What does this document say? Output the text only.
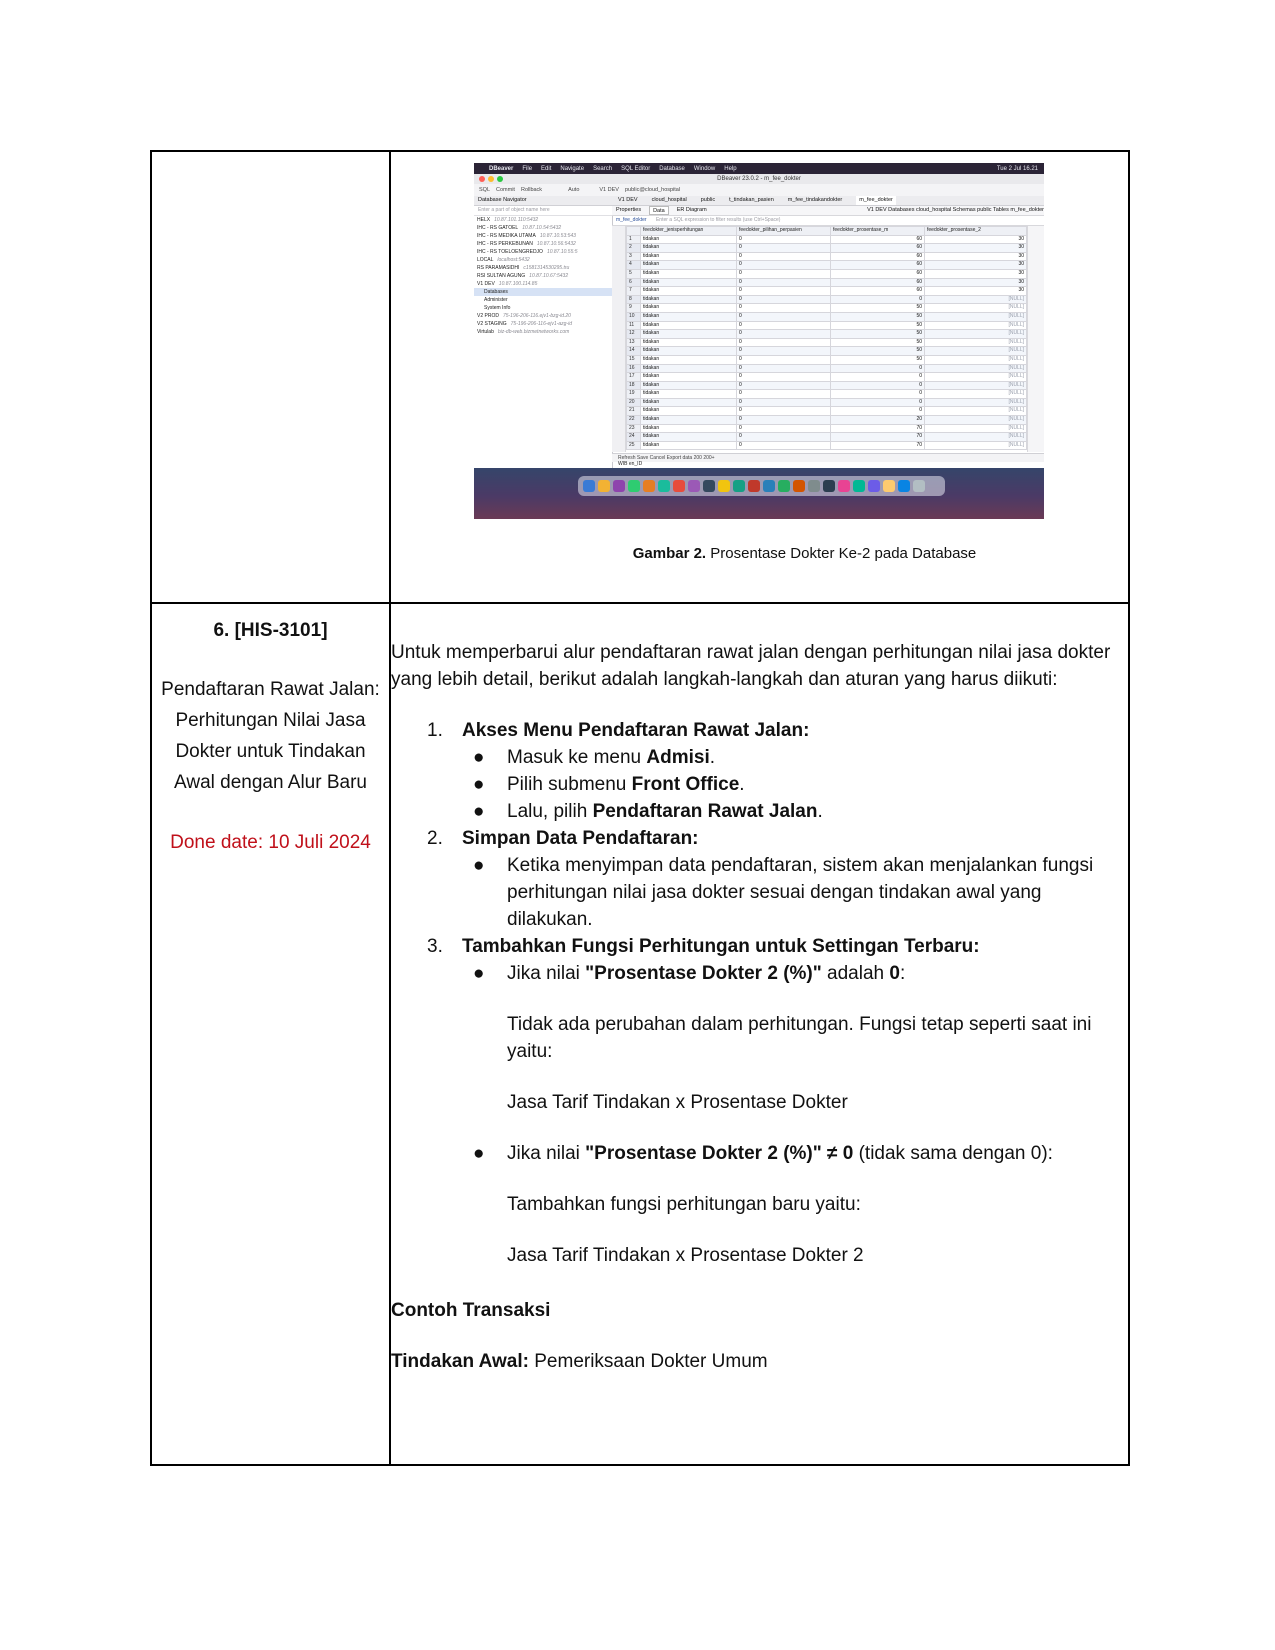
DBeaver File Edit Navigate Search SQL Editor Database Window Help	Tue 2 Jul 16.21
DBeaver 23.0.2 - m_fee_dokter
SQL Commit Rollback	Auto	V1 DEV public@cloud_hospital
Database Navigator
Enter a part of object name here
HELX 10.87.101.110:5432
IHC - RS GATOEL 10.87.10.54:5432
IHC - RS MEDIKA UTAMA 10.87.10.53:543
IHC - RS PERKEBUNAN 10.87.10.56:5432
IHC - RS TOELOENGREDJO 10.87.10.55:5
LOCAL localhost:5432
RS PARAMASIDHI c1581314530295.tru
RSI SULTAN AGUNG 10.87.10.67:5432
V1 DEV 10.87.100.114.85
Databases
Administer
System Info
V2 PROD 75-196-206-116.ejv1-bzg-id.20
V2 STAGING 75-196-206-116-ejv1-azg-id
Virtulab biz-db-web.bizmetnetworks.com
V1 DEV	cloud_hospital	public	t_tindakan_pasien	m_fee_tindakandokter	m_fee_dokter
Properties	Data	ER Diagram	V1 DEV Databases cloud_hospital Schemas public Tables m_fee_dokter
m_fee_dokter Enter a SQL expression to filter results (use Ctrl+Space)
	feedokter_jenisperhitungan	feedokter_pilihan_perpasien	feedokter_prosentase_m	feedokter_prosentase_2
1	tidakan	0	60	30
2	tidakan	0	60	30
3	tidakan	0	60	30
4	tidakan	0	60	30
5	tidakan	0	60	30
6	tidakan	0	60	30
7	tidakan	0	60	30
8	tidakan	0	0	[NULL]
9	tidakan	0	50	[NULL]
10	tidakan	0	50	[NULL]
11	tidakan	0	50	[NULL]
12	tidakan	0	50	[NULL]
13	tidakan	0	50	[NULL]
14	tidakan	0	50	[NULL]
15	tidakan	0	50	[NULL]
16	tidakan	0	0	[NULL]
17	tidakan	0	0	[NULL]
18	tidakan	0	0	[NULL]
19	tidakan	0	0	[NULL]
20	tidakan	0	0	[NULL]
21	tidakan	0	0	[NULL]
22	tidakan	0	20	[NULL]
23	tidakan	0	70	[NULL]
24	tidakan	0	70	[NULL]
25	tidakan	0	70	[NULL]
Refresh Save Cancel Export data 200 200+
WIB en_ID
Gambar 2. Prosentase Dokter Ke-2 pada Database

6. [HIS-3101]
Pendaftaran Rawat Jalan: Perhitungan Nilai Jasa Dokter untuk Tindakan Awal dengan Alur Baru
Done date: 10 Juli 2024

Untuk memperbarui alur pendaftaran rawat jalan dengan perhitungan nilai jasa dokter yang lebih detail, berikut adalah langkah-langkah dan aturan yang harus diikuti:
1. Akses Menu Pendaftaran Rawat Jalan:
● Masuk ke menu Admisi.
● Pilih submenu Front Office.
● Lalu, pilih Pendaftaran Rawat Jalan.
2. Simpan Data Pendaftaran:
● Ketika menyimpan data pendaftaran, sistem akan menjalankan fungsi perhitungan nilai jasa dokter sesuai dengan tindakan awal yang dilakukan.
3. Tambahkan Fungsi Perhitungan untuk Settingan Terbaru:
● Jika nilai "Prosentase Dokter 2 (%)" adalah 0:
Tidak ada perubahan dalam perhitungan. Fungsi tetap seperti saat ini yaitu:
Jasa Tarif Tindakan x Prosentase Dokter
● Jika nilai "Prosentase Dokter 2 (%)" ≠ 0 (tidak sama dengan 0):
Tambahkan fungsi perhitungan baru yaitu:
Jasa Tarif Tindakan x Prosentase Dokter 2
Contoh Transaksi
Tindakan Awal: Pemeriksaan Dokter Umum
